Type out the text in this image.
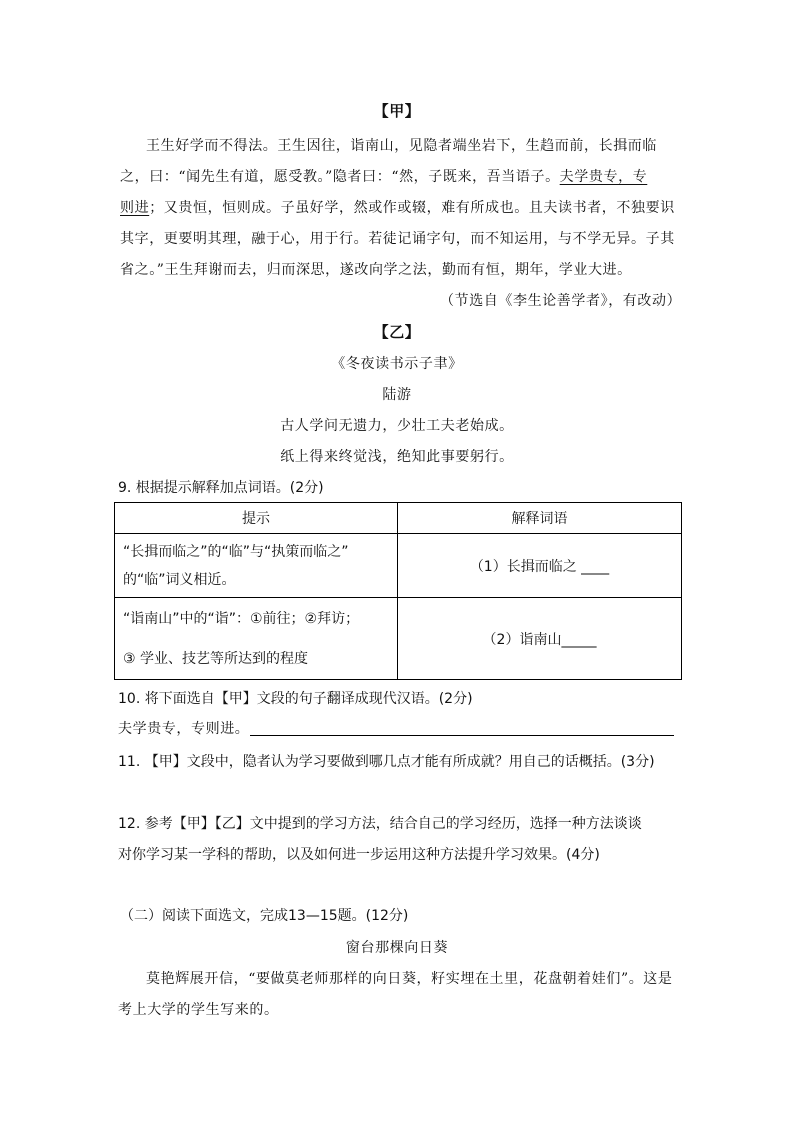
【甲】
王生好学而不得法。王生因往，诣南山，见隐者端坐岩下，生趋而前，长揖而临
之，曰：“闻先生有道，愿受教。”隐者曰：“然，子既来，吾当语子。夫学贵专，专
则进；又贵恒，恒则成。子虽好学，然或作或辍，难有所成也。且夫读书者，不独要识
其字，更要明其理，融于心，用于行。若徒记诵字句，而不知运用，与不学无异。子其
省之。”王生拜谢而去，归而深思，遂改向学之法，勤而有恒，期年，学业大进。
（节选自《李生论善学者》，有改动）
【乙】
《冬夜读书示子聿》
陆游
古人学问无遗力，少壮工夫老始成。
纸上得来终觉浅，绝知此事要躬行。
9. 根据提示解释加点词语。(2分)
提示	解释词语

“长揖而临之”的“临”与“执策而临之”
的“临”词义相近。	（1）长揖而临之 ____

“诣南山”中的“诣”：①前往；②拜访；
③ 学业、技艺等所达到的程度	（2）诣南山_____
10. 将下面选自【甲】文段的句子翻译成现代汉语。(2分)
夫学贵专，专则进。
11. 【甲】文段中，隐者认为学习要做到哪几点才能有所成就？用自己的话概括。(3分)
12. 参考【甲】【乙】文中提到的学习方法，结合自己的学习经历，选择一种方法谈谈
对你学习某一学科的帮助，以及如何进一步运用这种方法提升学习效果。(4分)
（二）阅读下面选文，完成13—15题。(12分)
窗台那棵向日葵
莫艳辉展开信，“要做莫老师那样的向日葵，籽实埋在土里，花盘朝着娃们”。这是
考上大学的学生写来的。
